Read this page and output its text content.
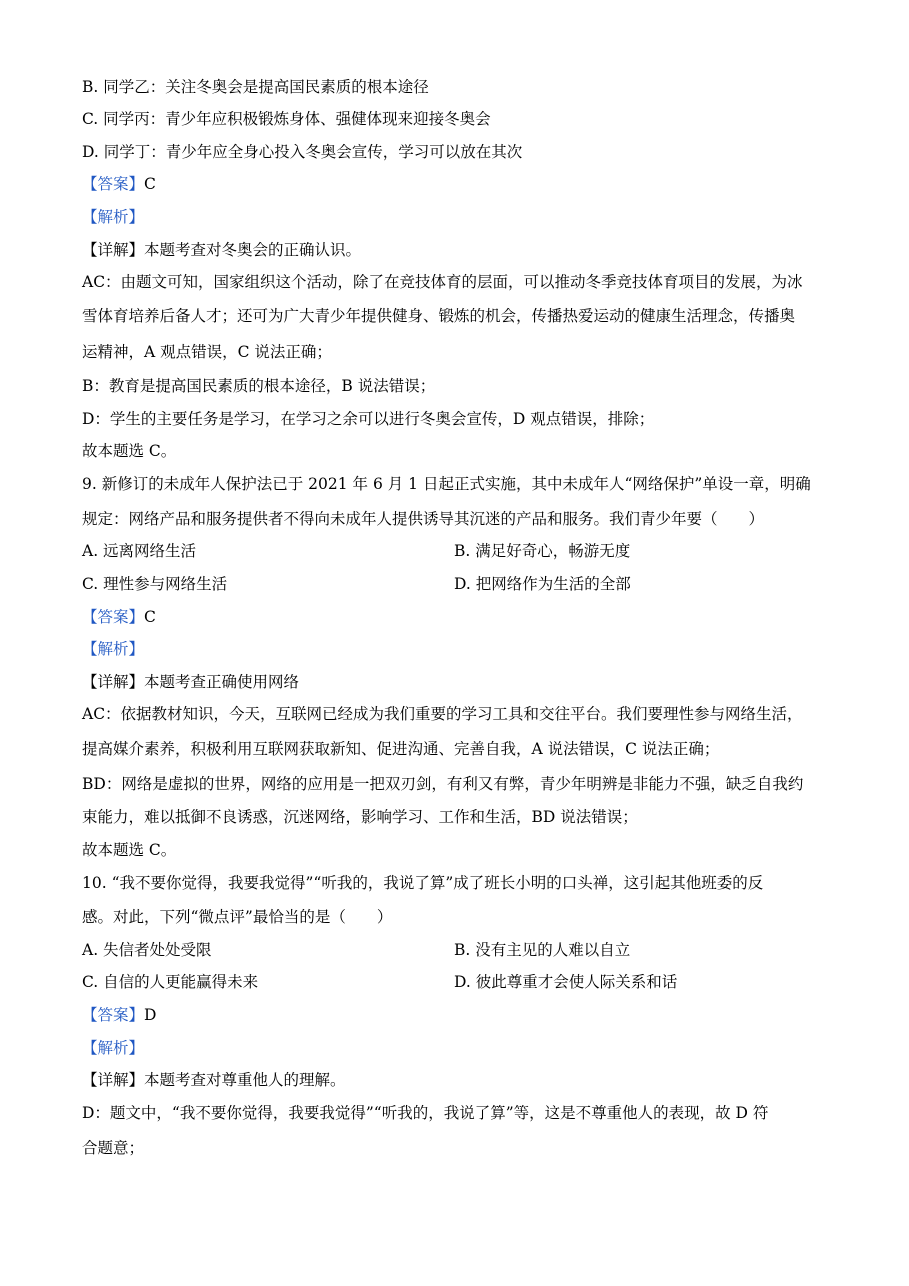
B. 同学乙：关注冬奥会是提高国民素质的根本途径
C. 同学丙：青少年应积极锻炼身体、强健体现来迎接冬奥会
D. 同学丁：青少年应全身心投入冬奥会宣传，学习可以放在其次
【答案】C
【解析】
【详解】本题考查对冬奥会的正确认识。
AC：由题文可知，国家组织这个活动，除了在竞技体育的层面，可以推动冬季竞技体育项目的发展，为冰
雪体育培养后备人才；还可为广大青少年提供健身、锻炼的机会，传播热爱运动的健康生活理念，传播奥
运精神，A 观点错误，C 说法正确；
B：教育是提高国民素质的根本途径，B 说法错误；
D：学生的主要任务是学习，在学习之余可以进行冬奥会宣传，D 观点错误，排除；
故本题选 C。
9. 新修订的未成年人保护法已于 2021 年 6 月 1 日起正式实施，其中未成年人“网络保护”单设一章，明确
规定：网络产品和服务提供者不得向未成年人提供诱导其沉迷的产品和服务。我们青少年要（　　）
A. 远离网络生活	B. 满足好奇心，畅游无度
C. 理性参与网络生活	D. 把网络作为生活的全部
【答案】C
【解析】
【详解】本题考查正确使用网络
AC：依据教材知识，今天，互联网已经成为我们重要的学习工具和交往平台。我们要理性参与网络生活，
提高媒介素养，积极利用互联网获取新知、促进沟通、完善自我，A 说法错误，C 说法正确；
BD：网络是虚拟的世界，网络的应用是一把双刃剑，有利又有弊，青少年明辨是非能力不强，缺乏自我约
束能力，难以抵御不良诱惑，沉迷网络，影响学习、工作和生活，BD 说法错误；
故本题选 C。
10. “我不要你觉得，我要我觉得”“听我的，我说了算”成了班长小明的口头禅，这引起其他班委的反
感。对此，下列“微点评”最恰当的是（　　）
A. 失信者处处受限	B. 没有主见的人难以自立
C. 自信的人更能赢得未来	D. 彼此尊重才会使人际关系和话
【答案】D
【解析】
【详解】本题考查对尊重他人的理解。
D：题文中，“我不要你觉得，我要我觉得”“听我的，我说了算”等，这是不尊重他人的表现，故 D 符
合题意；
